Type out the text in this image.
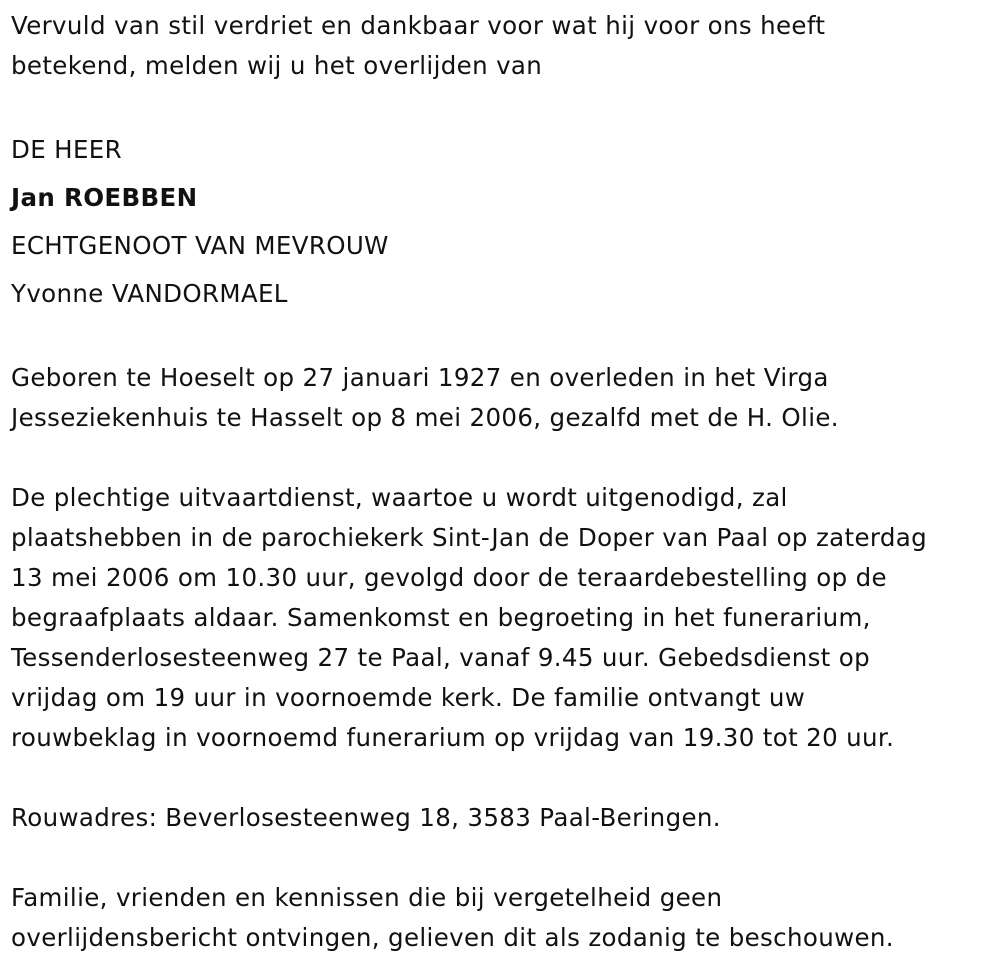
Vervuld van stil verdriet en dankbaar voor wat hij voor ons heeft
betekend, melden wij u het overlijden van

DE HEER

Jan ROEBBEN

ECHTGENOOT VAN MEVROUW

Yvonne VANDORMAEL

Geboren te Hoeselt op 27 januari 1927 en overleden in het Virga
Jesseziekenhuis te Hasselt op 8 mei 2006, gezalfd met de H. Olie.

De plechtige uitvaartdienst, waartoe u wordt uitgenodigd, zal
plaatshebben in de parochiekerk Sint-Jan de Doper van Paal op zaterdag
13 mei 2006 om 10.30 uur, gevolgd door de teraardebestelling op de
begraafplaats aldaar. Samenkomst en begroeting in het funerarium,
Tessenderlosesteenweg 27 te Paal, vanaf 9.45 uur. Gebedsdienst op
vrijdag om 19 uur in voornoemde kerk. De familie ontvangt uw
rouwbeklag in voornoemd funerarium op vrijdag van 19.30 tot 20 uur.

Rouwadres: Beverlosesteenweg 18, 3583 Paal-Beringen.

Familie, vrienden en kennissen die bij vergetelheid geen
overlijdensbericht ontvingen, gelieven dit als zodanig te beschouwen.
